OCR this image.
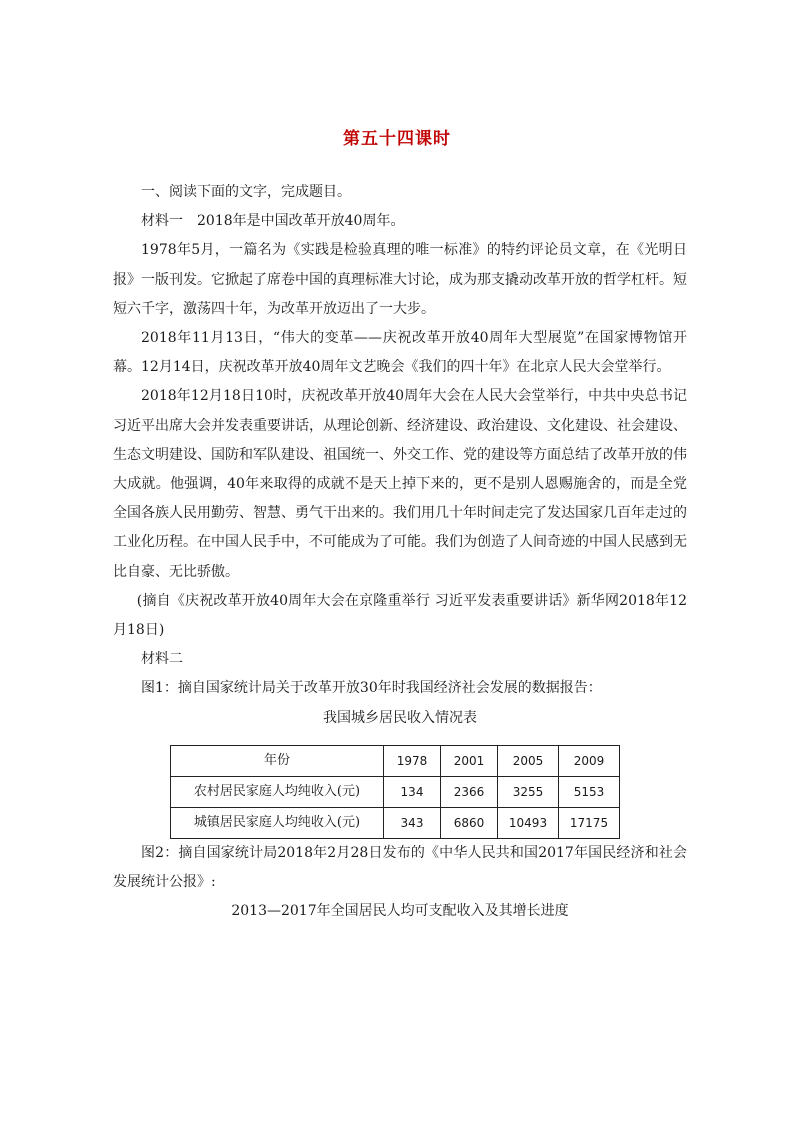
第五十四课时

一、阅读下面的文字，完成题目。

材料一　2018年是中国改革开放40周年。

1978年5月，一篇名为《实践是检验真理的唯一标准》的特约评论员文章，在《光明日报》一版刊发。它掀起了席卷中国的真理标准大讨论，成为那支撬动改革开放的哲学杠杆。短短六千字，激荡四十年，为改革开放迈出了一大步。

2018年11月13日，“伟大的变革——庆祝改革开放40周年大型展览”在国家博物馆开幕。12月14日，庆祝改革开放40周年文艺晚会《我们的四十年》在北京人民大会堂举行。

2018年12月18日10时，庆祝改革开放40周年大会在人民大会堂举行，中共中央总书记习近平出席大会并发表重要讲话，从理论创新、经济建设、政治建设、文化建设、社会建设、生态文明建设、国防和军队建设、祖国统一、外交工作、党的建设等方面总结了改革开放的伟大成就。他强调，40年来取得的成就不是天上掉下来的，更不是别人恩赐施舍的，而是全党全国各族人民用勤劳、智慧、勇气干出来的。我们用几十年时间走完了发达国家几百年走过的工业化历程。在中国人民手中，不可能成为了可能。我们为创造了人间奇迹的中国人民感到无比自豪、无比骄傲。

(摘自《庆祝改革开放40周年大会在京隆重举行 习近平发表重要讲话》新华网2018年12月18日)

材料二

图1：摘自国家统计局关于改革开放30年时我国经济社会发展的数据报告：

我国城乡居民收入情况表

年份	1978	2001	2005	2009
农村居民家庭人均纯收入(元)	134	2366	3255	5153
城镇居民家庭人均纯收入(元)	343	6860	10493	17175

图2：摘自国家统计局2018年2月28日发布的《中华人民共和国2017年国民经济和社会发展统计公报》:

2013—2017年全国居民人均可支配收入及其增长进度
